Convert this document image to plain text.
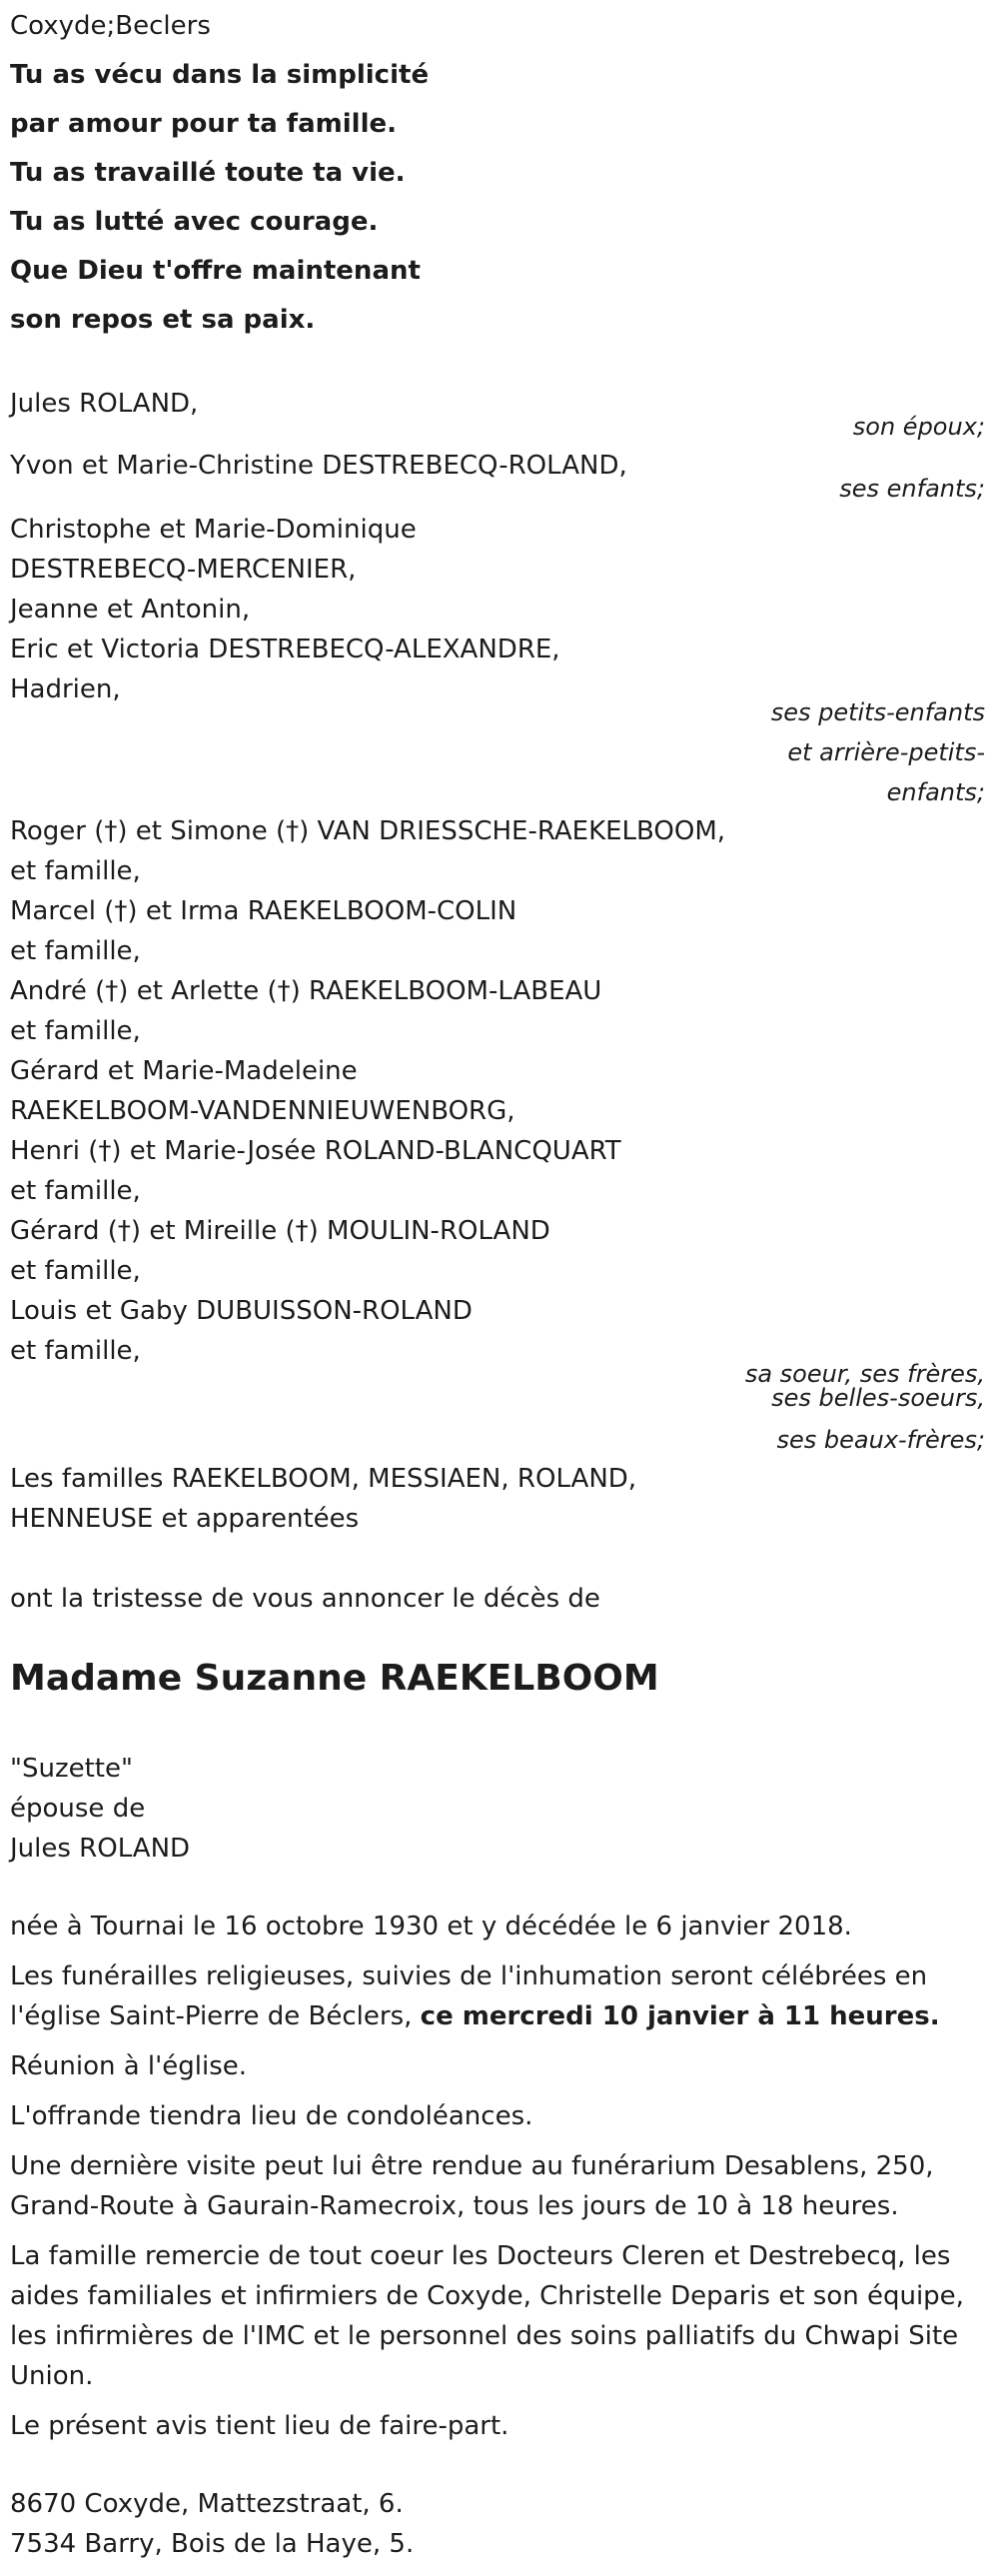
Coxyde;Beclers
Tu as vécu dans la simplicité
par amour pour ta famille.
Tu as travaillé toute ta vie.
Tu as lutté avec courage.
Que Dieu t'offre maintenant
son repos et sa paix.
Jules ROLAND,
son époux;
Yvon et Marie-Christine DESTREBECQ-ROLAND,
ses enfants;
Christophe et Marie-Dominique
DESTREBECQ-MERCENIER,
Jeanne et Antonin,
Eric et Victoria DESTREBECQ-ALEXANDRE,
Hadrien,
ses petits-enfants
et arrière-petits-
enfants;
Roger (†) et Simone (†) VAN DRIESSCHE-RAEKELBOOM,
et famille,
Marcel (†) et Irma RAEKELBOOM-COLIN
et famille,
André (†) et Arlette (†) RAEKELBOOM-LABEAU
et famille,
Gérard et Marie-Madeleine
RAEKELBOOM-VANDENNIEUWENBORG,
Henri (†) et Marie-Josée ROLAND-BLANCQUART
et famille,
Gérard (†) et Mireille (†) MOULIN-ROLAND
et famille,
Louis et Gaby DUBUISSON-ROLAND
et famille,
sa soeur, ses frères,
ses belles-soeurs,
ses beaux-frères;
Les familles RAEKELBOOM, MESSIAEN, ROLAND,
HENNEUSE et apparentées
ont la tristesse de vous annoncer le décès de
Madame Suzanne RAEKELBOOM
"Suzette"
épouse de
Jules ROLAND
née à Tournai le 16 octobre 1930 et y décédée le 6 janvier 2018.
Les funérailles religieuses, suivies de l'inhumation seront célébrées en l'église Saint-Pierre de Béclers, ce mercredi 10 janvier à 11 heures.
Réunion à l'église.
L'offrande tiendra lieu de condoléances.
Une dernière visite peut lui être rendue au funérarium Desablens, 250, Grand-Route à Gaurain-Ramecroix, tous les jours de 10 à 18 heures.
La famille remercie de tout coeur les Docteurs Cleren et Destrebecq, les aides familiales et infirmiers de Coxyde, Christelle Deparis et son équipe, les infirmières de l'IMC et le personnel des soins palliatifs du Chwapi Site Union.
Le présent avis tient lieu de faire-part.
8670 Coxyde, Mattezstraat, 6.
7534 Barry, Bois de la Haye, 5.
